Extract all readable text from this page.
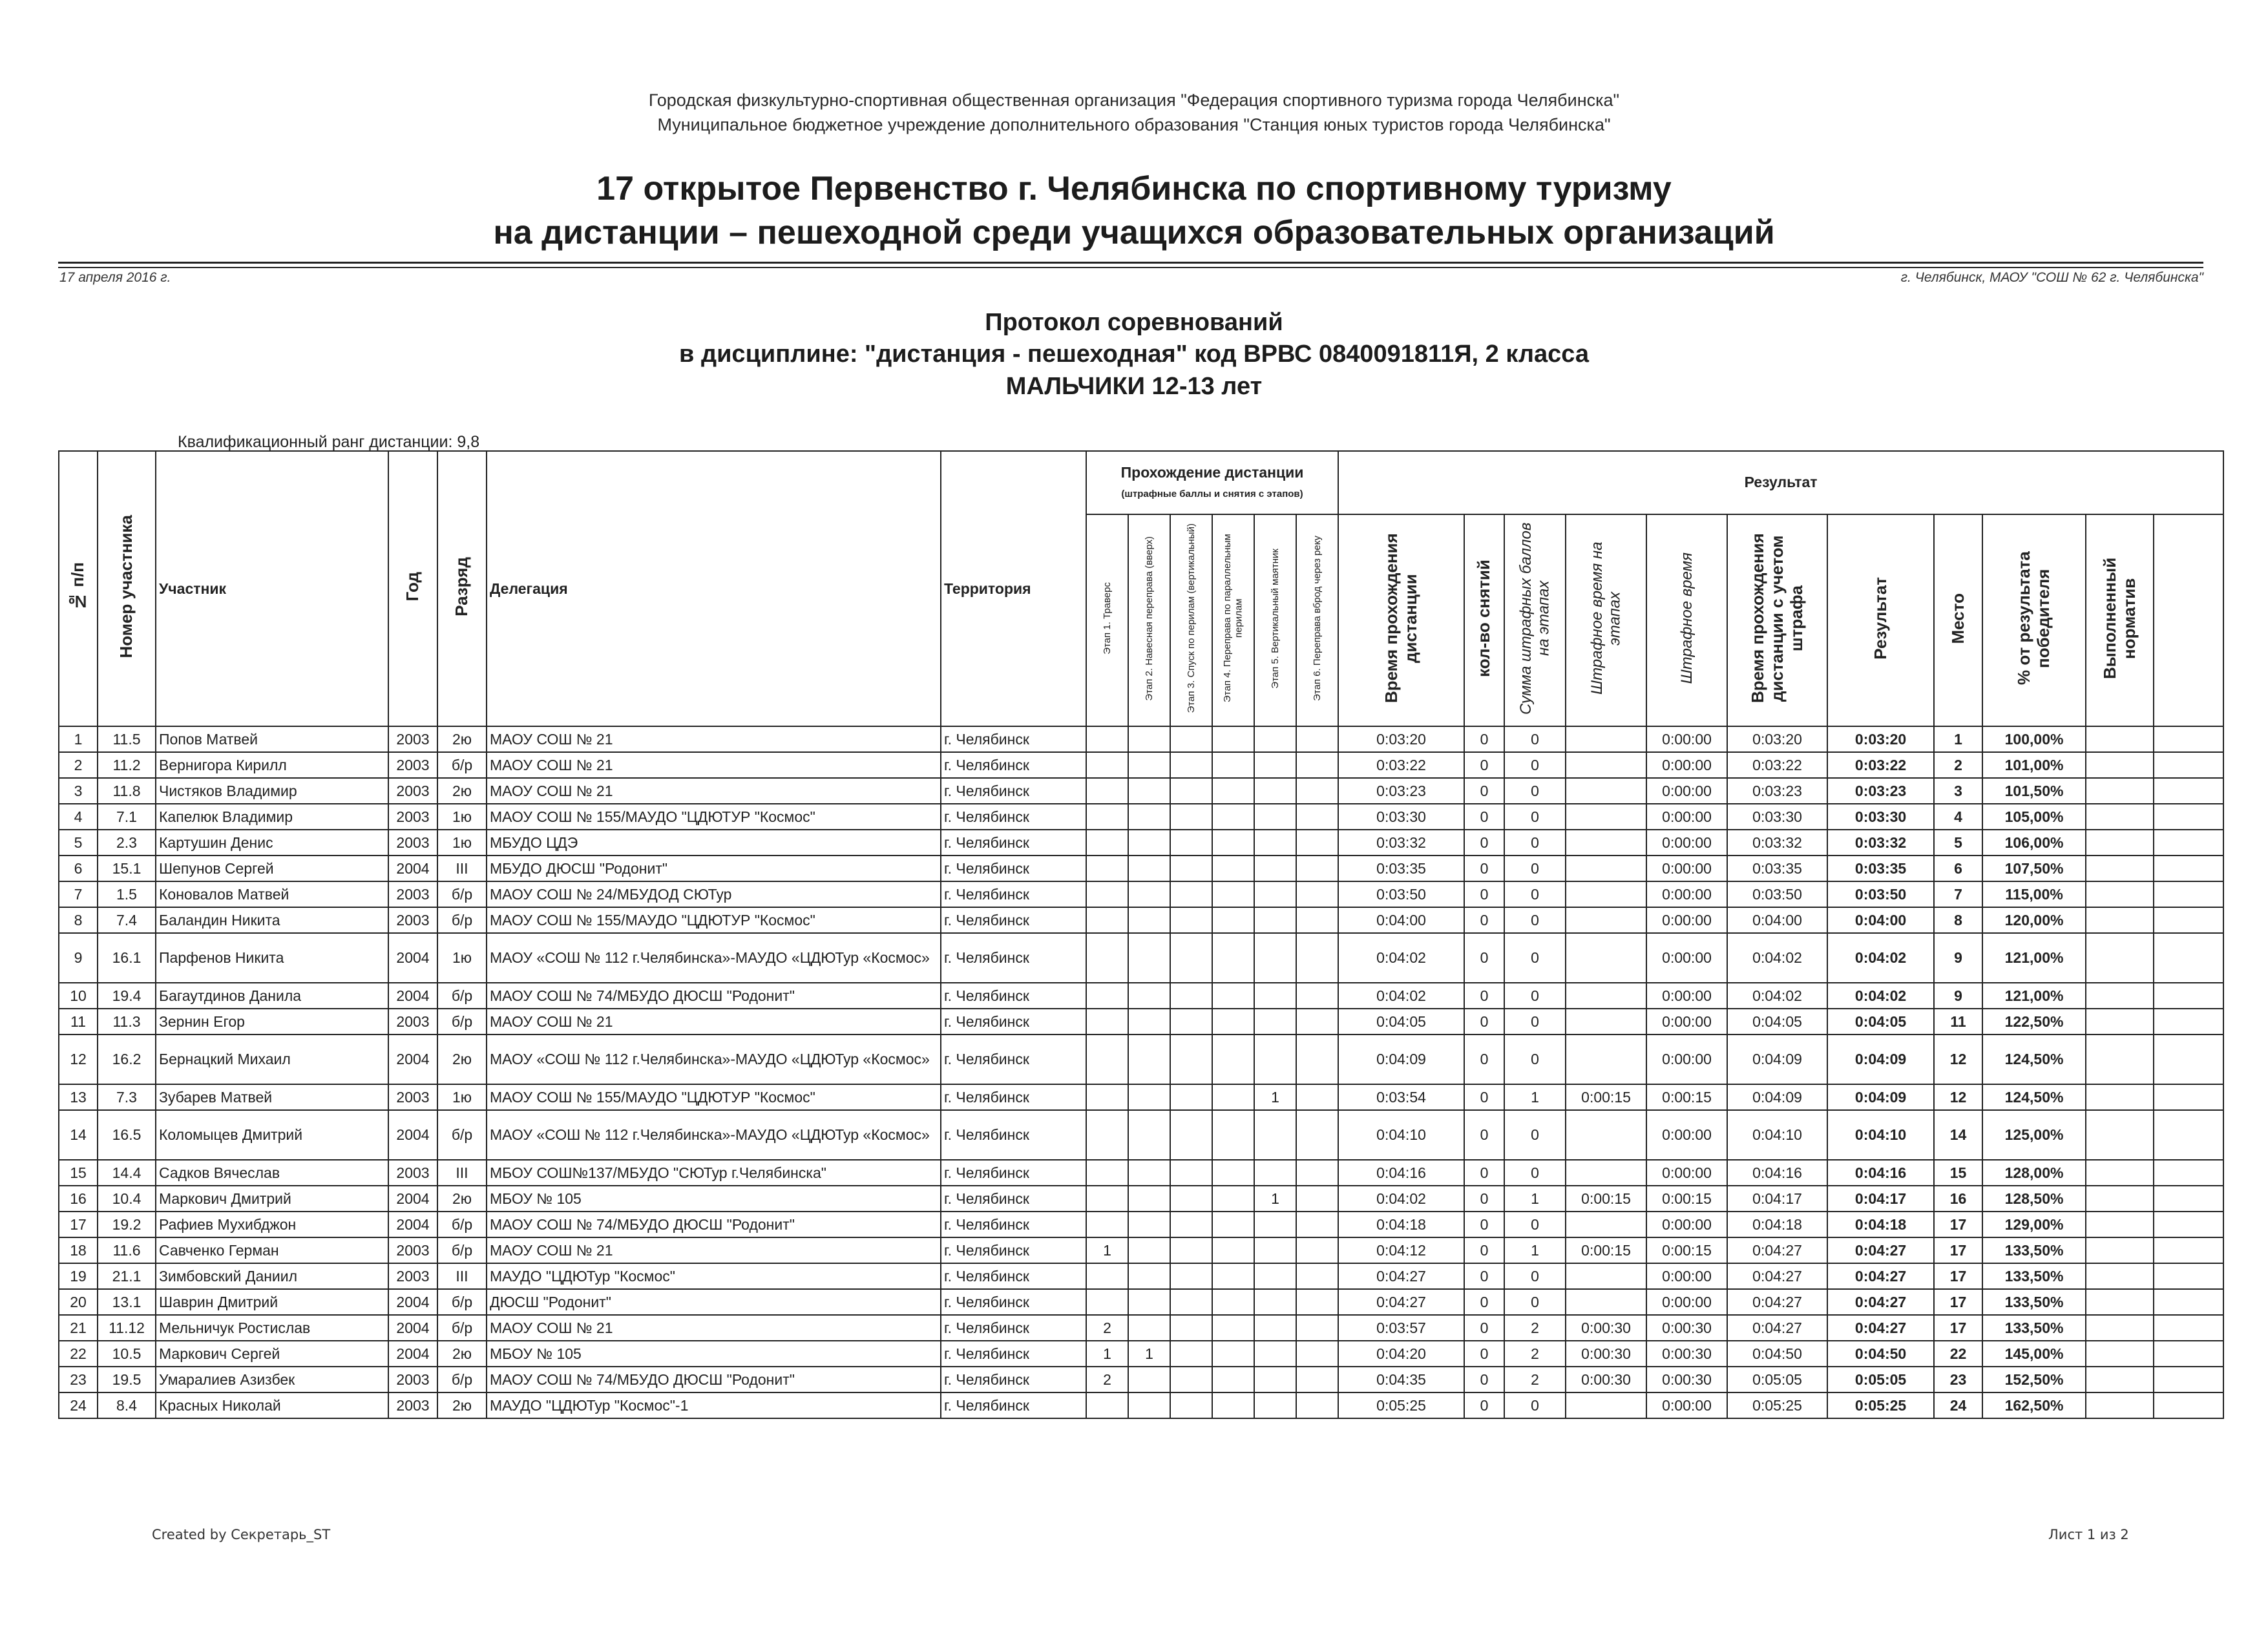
Городская физкультурно-спортивная общественная организация "Федерация спортивного туризма города Челябинска"
Муниципальное бюджетное учреждение дополнительного образования "Станция юных туристов города Челябинска"
17 открытое Первенство г. Челябинска по спортивному туризму
на дистанции – пешеходной среди учащихся образовательных организаций
17 апреля 2016 г.	г. Челябинск, МАОУ "СОШ № 62 г. Челябинска"
Протокол соревнований
в дисциплине: "дистанция - пешеходная" код ВРВС 0840091811Я, 2 класса
МАЛЬЧИКИ 12-13 лет
Квалификационный ранг дистанции: 9,8
№ п/п	Номер участника	Участник	Год	Разряд	Делегация	Территория	Прохождение дистанции
(штрафные баллы и снятия с этапов)						Результат	
							Этап 1. Траверс	Этап 2. Навесная переправа (вверх)	Этап 3. Спуск по перилам (вертикальный)	Этап 4. Переправа по параллельным перилам	Этап 5. Вертикальный маятник	Этап 6. Переправа вброд через реку	Время прохождения дистанции	кол-во снятий	Сумма штрафных баллов на этапах	Штрафное время на этапах	Штрафное время	Время прохождения дистанции с учетом штрафа	Результат	Место	% от результата победителя	Выполненный норматив		
1	11.5	Попов Матвей	2003	2ю	МАОУ СОШ № 21	г. Челябинск							0:03:20	0	0		0:00:00	0:03:20	0:03:20	1	100,00%			
2	11.2	Вернигора Кирилл	2003	б/р	МАОУ СОШ № 21	г. Челябинск							0:03:22	0	0		0:00:00	0:03:22	0:03:22	2	101,00%			
3	11.8	Чистяков Владимир	2003	2ю	МАОУ СОШ № 21	г. Челябинск							0:03:23	0	0		0:00:00	0:03:23	0:03:23	3	101,50%			
4	7.1	Капелюк Владимир	2003	1ю	МАОУ СОШ № 155/МАУДО "ЦДЮТУР "Космос"	г. Челябинск							0:03:30	0	0		0:00:00	0:03:30	0:03:30	4	105,00%			
5	2.3	Картушин Денис	2003	1ю	МБУДО ЦДЭ	г. Челябинск							0:03:32	0	0		0:00:00	0:03:32	0:03:32	5	106,00%			
6	15.1	Шепунов Сергей	2004	III	МБУДО ДЮСШ "Родонит"	г. Челябинск							0:03:35	0	0		0:00:00	0:03:35	0:03:35	6	107,50%			
7	1.5	Коновалов Матвей	2003	б/р	МАОУ СОШ № 24/МБУДОД СЮТур	г. Челябинск							0:03:50	0	0		0:00:00	0:03:50	0:03:50	7	115,00%			
8	7.4	Баландин Никита	2003	б/р	МАОУ СОШ № 155/МАУДО "ЦДЮТУР "Космос"	г. Челябинск							0:04:00	0	0		0:00:00	0:04:00	0:04:00	8	120,00%			
9	16.1	Парфенов Никита	2004	1ю	МАОУ «СОШ № 112 г.Челябинска»-МАУДО «ЦДЮТур «Космос»	г. Челябинск							0:04:02	0	0		0:00:00	0:04:02	0:04:02	9	121,00%			
10	19.4	Багаутдинов Данила	2004	б/р	МАОУ СОШ № 74/МБУДО ДЮСШ "Родонит"	г. Челябинск							0:04:02	0	0		0:00:00	0:04:02	0:04:02	9	121,00%			
11	11.3	Зернин Егор	2003	б/р	МАОУ СОШ № 21	г. Челябинск							0:04:05	0	0		0:00:00	0:04:05	0:04:05	11	122,50%			
12	16.2	Бернацкий Михаил	2004	2ю	МАОУ «СОШ № 112 г.Челябинска»-МАУДО «ЦДЮТур «Космос»	г. Челябинск							0:04:09	0	0		0:00:00	0:04:09	0:04:09	12	124,50%			
13	7.3	Зубарев Матвей	2003	1ю	МАОУ СОШ № 155/МАУДО "ЦДЮТУР "Космос"	г. Челябинск					1		0:03:54	0	1	0:00:15	0:00:15	0:04:09	0:04:09	12	124,50%			
14	16.5	Коломыцев Дмитрий	2004	б/р	МАОУ «СОШ № 112 г.Челябинска»-МАУДО «ЦДЮТур «Космос»	г. Челябинск							0:04:10	0	0		0:00:00	0:04:10	0:04:10	14	125,00%			
15	14.4	Садков Вячеслав	2003	III	МБОУ СОШ№137/МБУДО "СЮТур г.Челябинска"	г. Челябинск							0:04:16	0	0		0:00:00	0:04:16	0:04:16	15	128,00%			
16	10.4	Маркович Дмитрий	2004	2ю	МБОУ № 105	г. Челябинск					1		0:04:02	0	1	0:00:15	0:00:15	0:04:17	0:04:17	16	128,50%			
17	19.2	Рафиев Мухибджон	2004	б/р	МАОУ СОШ № 74/МБУДО ДЮСШ "Родонит"	г. Челябинск							0:04:18	0	0		0:00:00	0:04:18	0:04:18	17	129,00%			
18	11.6	Савченко Герман	2003	б/р	МАОУ СОШ № 21	г. Челябинск	1						0:04:12	0	1	0:00:15	0:00:15	0:04:27	0:04:27	17	133,50%			
19	21.1	Зимбовский Даниил	2003	III	МАУДО "ЦДЮТур "Космос"	г. Челябинск							0:04:27	0	0		0:00:00	0:04:27	0:04:27	17	133,50%			
20	13.1	Шаврин Дмитрий	2004	б/р	ДЮСШ "Родонит"	г. Челябинск							0:04:27	0	0		0:00:00	0:04:27	0:04:27	17	133,50%			
21	11.12	Мельничук Ростислав	2004	б/р	МАОУ СОШ № 21	г. Челябинск	2						0:03:57	0	2	0:00:30	0:00:30	0:04:27	0:04:27	17	133,50%			
22	10.5	Маркович Сергей	2004	2ю	МБОУ № 105	г. Челябинск	1	1					0:04:20	0	2	0:00:30	0:00:30	0:04:50	0:04:50	22	145,00%			
23	19.5	Умаралиев Азизбек	2003	б/р	МАОУ СОШ № 74/МБУДО ДЮСШ "Родонит"	г. Челябинск	2						0:04:35	0	2	0:00:30	0:00:30	0:05:05	0:05:05	23	152,50%			
24	8.4	Красных Николай	2003	2ю	МАУДО "ЦДЮТур "Космос"-1	г. Челябинск							0:05:25	0	0		0:00:00	0:05:25	0:05:25	24	162,50%			
Created by Секретарь_ST	Лист 1 из 2
